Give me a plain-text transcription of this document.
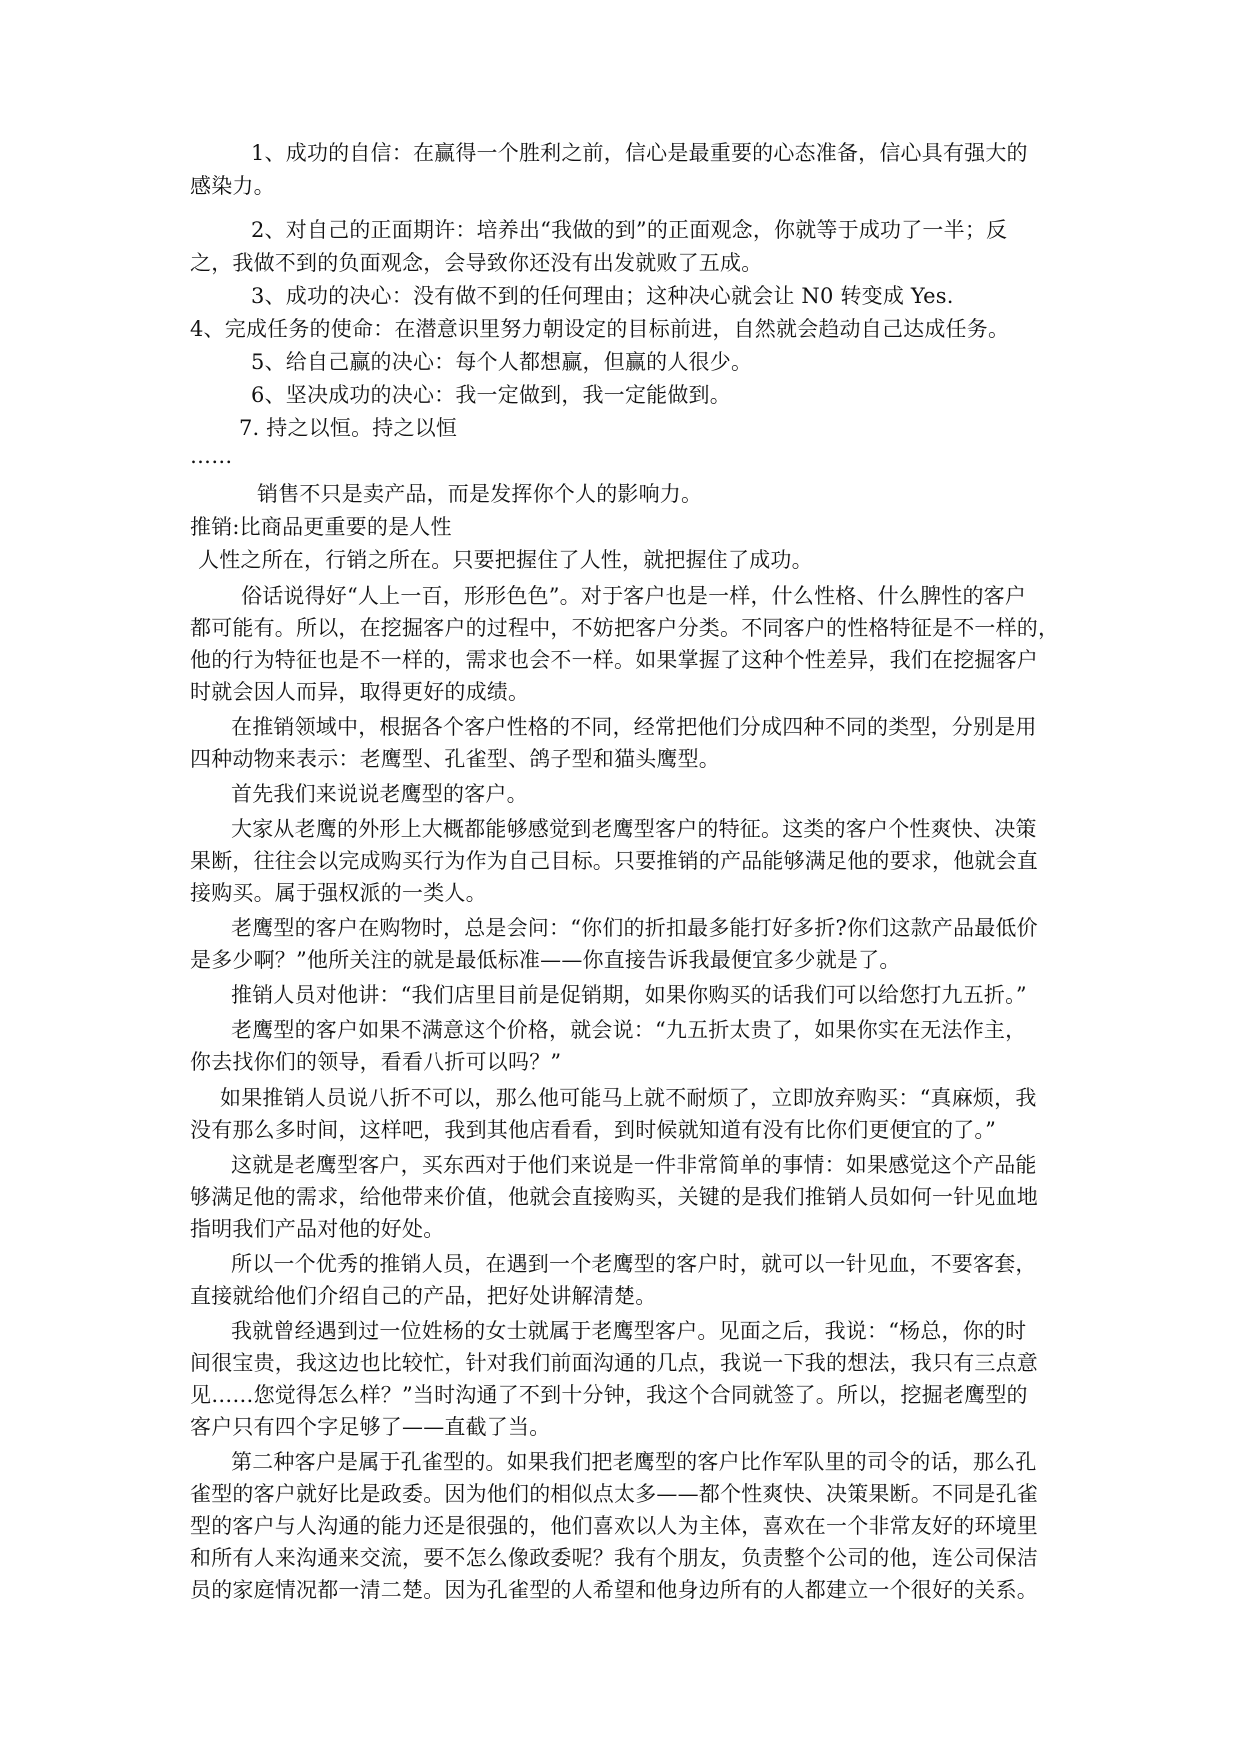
1、成功的自信：在赢得一个胜利之前，信心是最重要的心态准备，信心具有强大的
感染力。
2、对自己的正面期许：培养出“我做的到”的正面观念，你就等于成功了一半；反
之，我做不到的负面观念，会导致你还没有出发就败了五成。
3、成功的决心：没有做不到的任何理由；这种决心就会让 N0 转变成 Yes.
4、完成任务的使命：在潜意识里努力朝设定的目标前进，自然就会趋动自己达成任务。
5、给自己赢的决心：每个人都想赢，但赢的人很少。
6、坚决成功的决心：我一定做到，我一定能做到。
7. 持之以恒。持之以恒
……
销售不只是卖产品，而是发挥你个人的影响力。
推销:比商品更重要的是人性
人性之所在，行销之所在。只要把握住了人性，就把握住了成功。
俗话说得好“人上一百，形形色色”。对于客户也是一样，什么性格、什么脾性的客户
都可能有。所以，在挖掘客户的过程中，不妨把客户分类。不同客户的性格特征是不一样的，
他的行为特征也是不一样的，需求也会不一样。如果掌握了这种个性差异，我们在挖掘客户
时就会因人而异，取得更好的成绩。
在推销领域中，根据各个客户性格的不同，经常把他们分成四种不同的类型，分别是用
四种动物来表示：老鹰型、孔雀型、鸽子型和猫头鹰型。
首先我们来说说老鹰型的客户。
大家从老鹰的外形上大概都能够感觉到老鹰型客户的特征。这类的客户个性爽快、决策
果断，往往会以完成购买行为作为自己目标。只要推销的产品能够满足他的要求，他就会直
接购买。属于强权派的一类人。
老鹰型的客户在购物时，总是会问：“你们的折扣最多能打好多折?你们这款产品最低价
是多少啊？”他所关注的就是最低标准——你直接告诉我最便宜多少就是了。
推销人员对他讲：“我们店里目前是促销期，如果你购买的话我们可以给您打九五折。”
老鹰型的客户如果不满意这个价格，就会说：“九五折太贵了，如果你实在无法作主，
你去找你们的领导，看看八折可以吗？”
如果推销人员说八折不可以，那么他可能马上就不耐烦了，立即放弃购买：“真麻烦，我
没有那么多时间，这样吧，我到其他店看看，到时候就知道有没有比你们更便宜的了。”
这就是老鹰型客户，买东西对于他们来说是一件非常简单的事情：如果感觉这个产品能
够满足他的需求，给他带来价值，他就会直接购买，关键的是我们推销人员如何一针见血地
指明我们产品对他的好处。
所以一个优秀的推销人员，在遇到一个老鹰型的客户时，就可以一针见血，不要客套，
直接就给他们介绍自己的产品，把好处讲解清楚。
我就曾经遇到过一位姓杨的女士就属于老鹰型客户。见面之后，我说：“杨总，你的时
间很宝贵，我这边也比较忙，针对我们前面沟通的几点，我说一下我的想法，我只有三点意
见……您觉得怎么样？”当时沟通了不到十分钟，我这个合同就签了。所以，挖掘老鹰型的
客户只有四个字足够了——直截了当。
第二种客户是属于孔雀型的。如果我们把老鹰型的客户比作军队里的司令的话，那么孔
雀型的客户就好比是政委。因为他们的相似点太多——都个性爽快、决策果断。不同是孔雀
型的客户与人沟通的能力还是很强的，他们喜欢以人为主体，喜欢在一个非常友好的环境里
和所有人来沟通来交流，要不怎么像政委呢？我有个朋友，负责整个公司的他，连公司保洁
员的家庭情况都一清二楚。因为孔雀型的人希望和他身边所有的人都建立一个很好的关系。
